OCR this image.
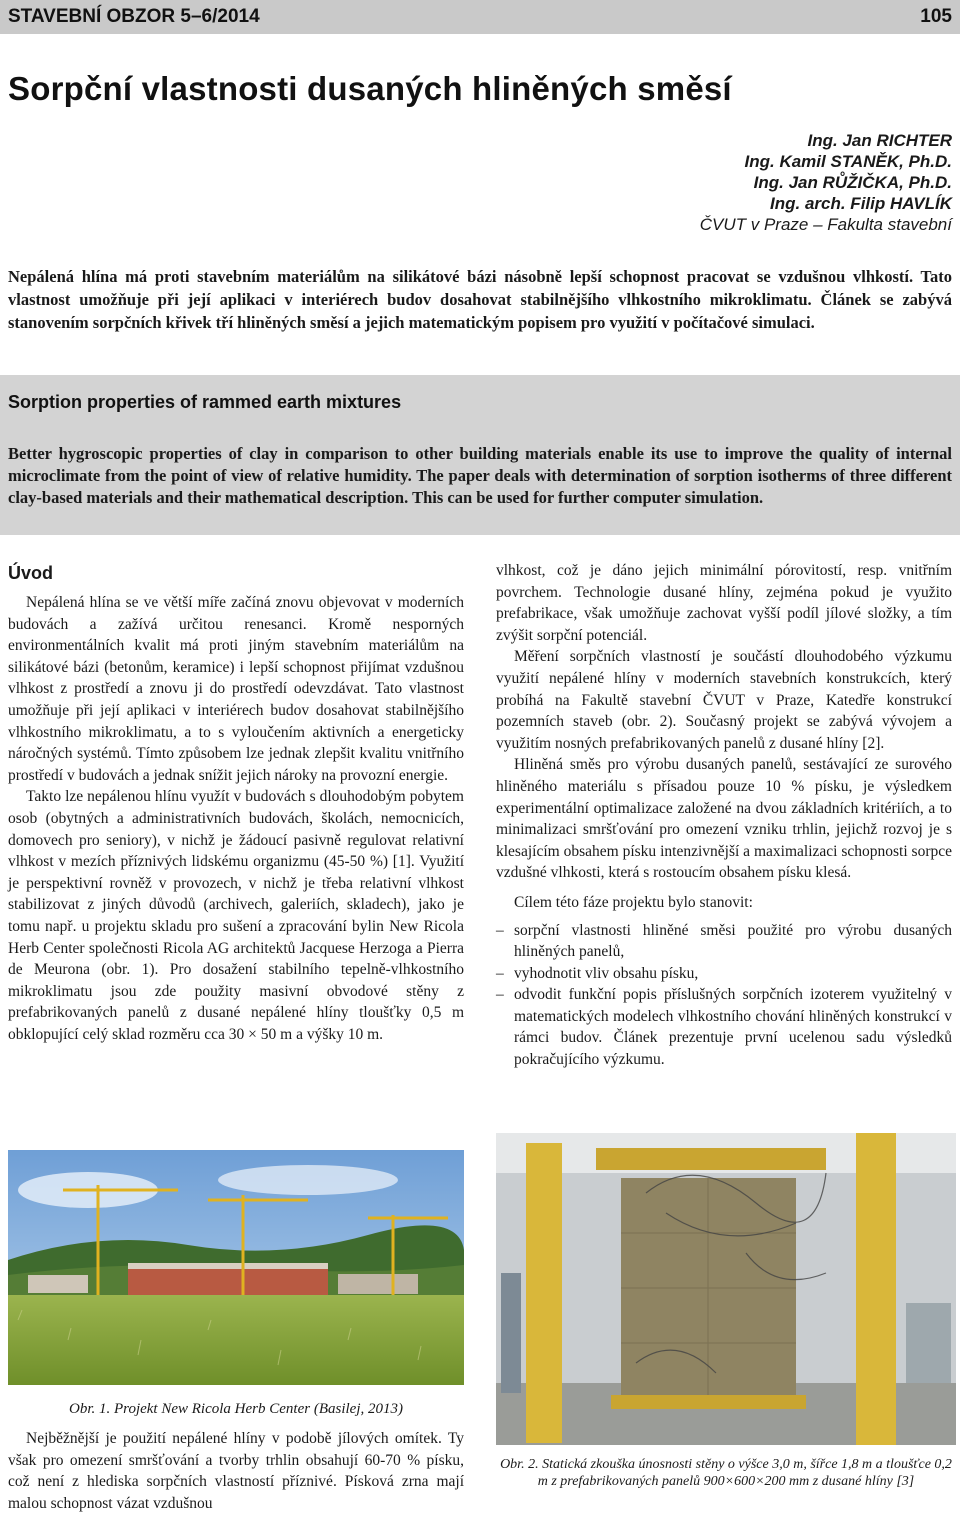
STAVEBNÍ OBZOR 5–6/2014	105
Sorpční vlastnosti dusaných hliněných směsí
Ing. Jan RICHTER
Ing. Kamil STANĚK, Ph.D.
Ing. Jan RŮŽIČKA, Ph.D.
Ing. arch. Filip HAVLÍK
ČVUT v Praze – Fakulta stavební

Nepálená hlína má proti stavebním materiálům na silikátové bázi násobně lepší schopnost pracovat se vzdušnou vlhkostí. Tato vlastnost umožňuje při její aplikaci v interiérech budov dosahovat stabilnějšího vlhkostního mikroklimatu. Článek se zabývá stanovením sorpčních křivek tří hliněných směsí a jejich matematickým popisem pro využití v počítačové simulaci.

Sorption properties of rammed earth mixtures

Better hygroscopic properties of clay in comparison to other building materials enable its use to improve the quality of internal microclimate from the point of view of relative humidity. The paper deals with determination of sorption isotherms of three different clay-based materials and their mathematical description. This can be used for further computer simulation.

Úvod

Nepálená hlína se ve větší míře začíná znovu objevovat v moderních budovách a zažívá určitou renesanci. Kromě nesporných environmentálních kvalit má proti jiným stavebním materiálům na silikátové bázi (betonům, keramice) i lepší schopnost přijímat vzdušnou vlhkost z prostředí a znovu ji do prostředí odevzdávat. Tato vlastnost umožňuje při její aplikaci v interiérech budov dosahovat stabilnějšího vlhkostního mikroklimatu, a to s vyloučením aktivních a energeticky náročných systémů. Tímto způsobem lze jednak zlepšit kvalitu vnitřního prostředí v budovách a jednak snížit jejich nároky na provozní energie.

Takto lze nepálenou hlínu využít v budovách s dlouhodobým pobytem osob (obytných a administrativních budovách, školách, nemocnicích, domovech pro seniory), v nichž je žádoucí pasivně regulovat relativní vlhkost v mezích příznivých lidskému organizmu (45-50 %) [1]. Využití je perspektivní rovněž v provozech, v nichž je třeba relativní vlhkost stabilizovat z jiných důvodů (archivech, galeriích, skladech), jako je tomu např. u projektu skladu pro sušení a zpracování bylin New Ricola Herb Center společnosti Ricola AG architektů Jacquese Herzoga a Pierra de Meurona (obr. 1). Pro dosažení stabilního tepelně-vlhkostního mikroklimatu jsou zde použity masivní obvodové stěny z prefabrikovaných panelů z dusané nepálené hlíny tloušťky 0,5 m obklopující celý sklad rozměru cca 30 × 50 m a výšky 10 m.

vlhkost, což je dáno jejich minimální pórovitostí, resp. vnitřním povrchem. Technologie dusané hlíny, zejména pokud je využito prefabrikace, však umožňuje zachovat vyšší podíl jílové složky, a tím zvýšit sorpční potenciál.

Měření sorpčních vlastností je součástí dlouhodobého výzkumu využití nepálené hlíny v moderních stavebních konstrukcích, který probíhá na Fakultě stavební ČVUT v Praze, Katedře konstrukcí pozemních staveb (obr. 2). Současný projekt se zabývá vývojem a využitím nosných prefabrikovaných panelů z dusané hlíny [2].

Hliněná směs pro výrobu dusaných panelů, sestávající ze surového hliněného materiálu s přísadou pouze 10 % písku, je výsledkem experimentální optimalizace založené na dvou základních kritériích, a to minimalizaci smršťování pro omezení vzniku trhlin, jejichž rozvoj je s klesajícím obsahem písku intenzivnější a maximalizaci schopnosti sorpce vzdušné vlhkosti, která s rostoucím obsahem písku klesá.

Cílem této fáze projektu bylo stanovit:

– sorpční vlastnosti hliněné směsi použité pro výrobu dusaných hliněných panelů,
– vyhodnotit vliv obsahu písku,
– odvodit funkční popis příslušných sorpčních izoterem využitelný v matematických modelech vlhkostního chování hliněných konstrukcí v rámci budov. Článek prezentuje první ucelenou sadu výsledků pokračujícího výzkumu.
Obr. 1. Projekt New Ricola Herb Center (Basilej, 2013)

Nejběžnější je použití nepálené hlíny v podobě jílových omítek. Ty však pro omezení smršťování a tvorby trhlin obsahují 60-70 % písku, což není z hlediska sorpčních vlastností příznivé. Písková zrna mají malou schopnost vázat vzdušnou

Obr. 2. Statická zkouška únosnosti stěny o výšce 3,0 m, šířce 1,8 m a tloušťce 0,2 m z prefabrikovaných panelů 900×600×200 mm z dusané hlíny [3]
